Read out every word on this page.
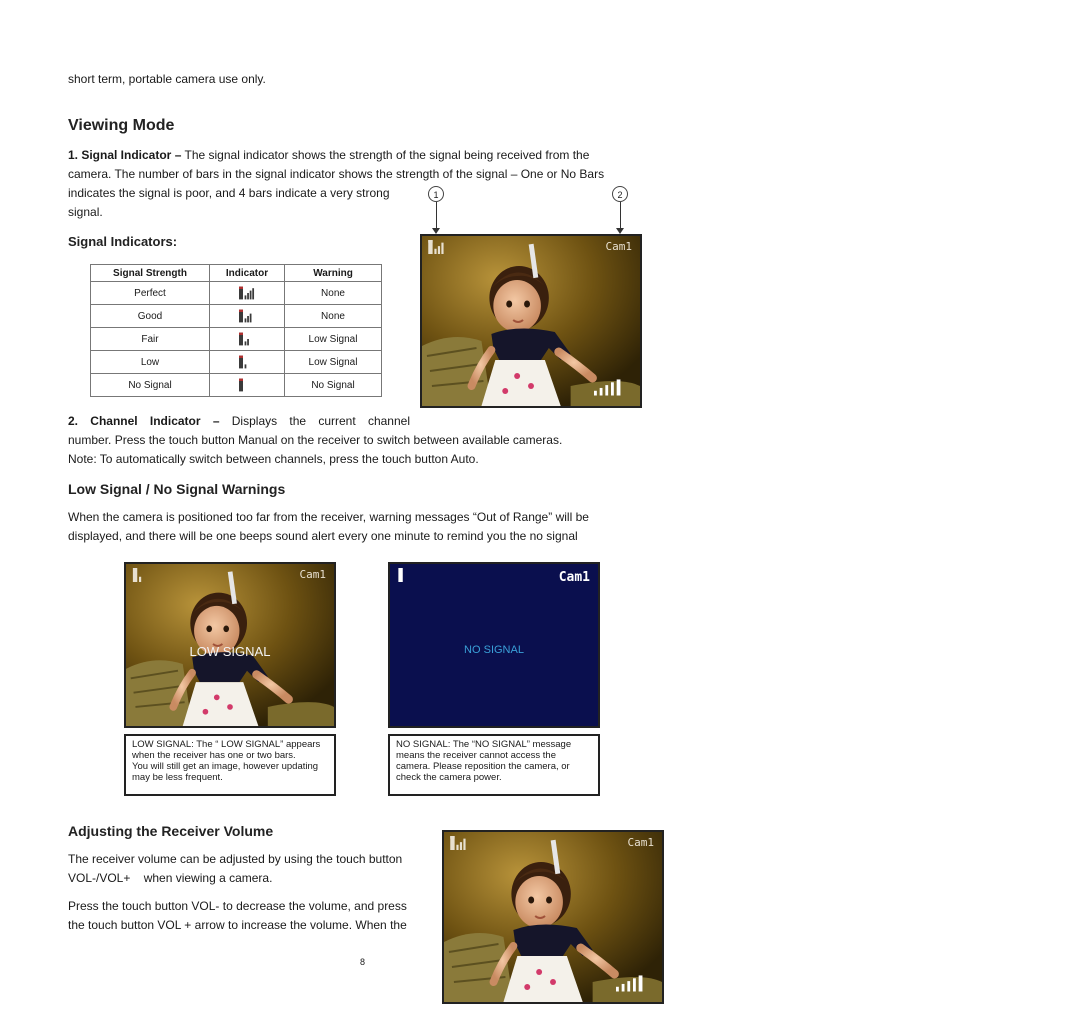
short term, portable camera use only.

Viewing Mode
1. Signal Indicator – The signal indicator shows the strength of the signal being received from the
camera. The number of bars in the signal indicator shows the strength of the signal – One or No Bars
indicates the signal is poor, and 4 bars indicate a very strong
signal.
Signal Indicators:
Signal Strength	Indicator	Warning
Perfect		None
Good		None
Fair		Low Signal
Low		Low Signal
No Signal		No Signal
1	2
Cam1
2. Channel Indicator – Displays the current channel
number. Press the touch button Manual on the receiver to switch between available cameras.
Note: To automatically switch between channels, press the touch button Auto.
Low Signal / No Signal Warnings
When the camera is positioned too far from the receiver, warning messages “Out of Range” will be
displayed, and there will be one beeps sound alert every one minute to remind you the no signal
Cam1
LOW SIGNAL
Cam1
NO SIGNAL
LOW SIGNAL: The “ LOW SIGNAL” appears
when the receiver has one or two bars.
You will still get an image, however updating
may be less frequent.
NO SIGNAL: The “NO SIGNAL” message
means the receiver cannot access the
camera. Please reposition the camera, or
check the camera power.
Adjusting the Receiver Volume
The receiver volume can be adjusted by using the touch button
VOL-/VOL+    when viewing a camera.
Press the touch button VOL- to decrease the volume, and press
the touch button VOL + arrow to increase the volume. When the
Cam1
8
